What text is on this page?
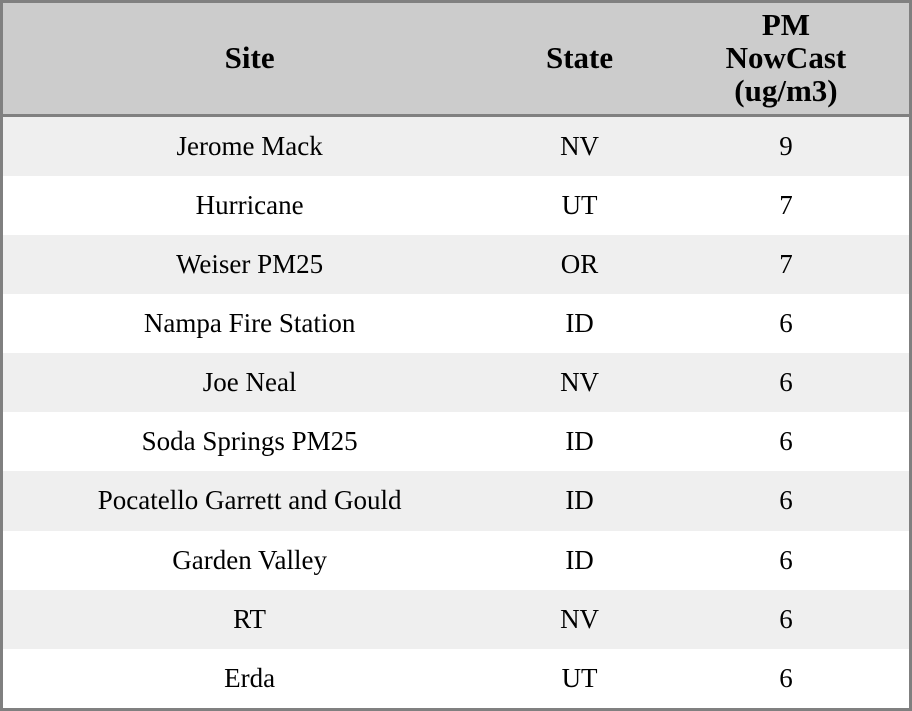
Site	State	PM
NowCast
(ug/m3)

Jerome Mack	NV	9
Hurricane	UT	7
Weiser PM25	OR	7
Nampa Fire Station	ID	6
Joe Neal	NV	6
Soda Springs PM25	ID	6
Pocatello Garrett and Gould	ID	6
Garden Valley	ID	6
RT	NV	6
Erda	UT	6
